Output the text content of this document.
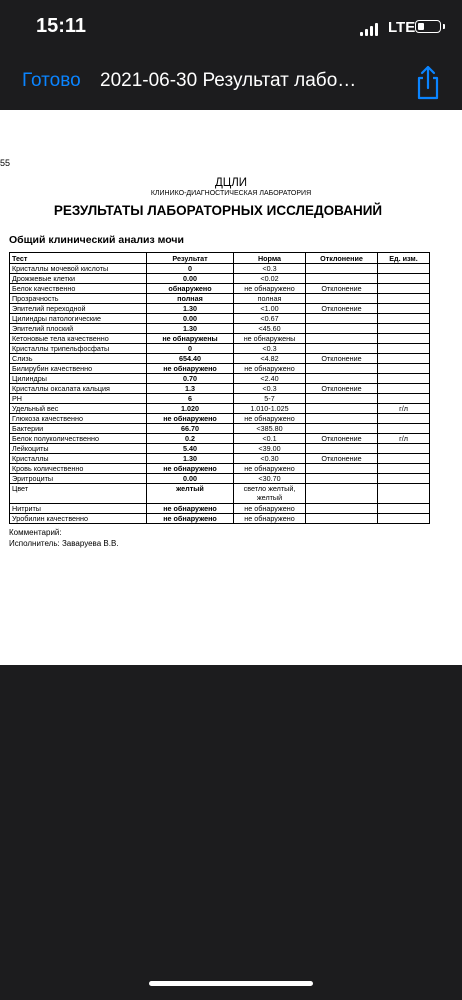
15:11	LTE
Готово 2021-06-30 Результат лабо…
55
ДЦЛИ
КЛИНИКО-ДИАГНОСТИЧЕСКАЯ ЛАБОРАТОРИЯ
РЕЗУЛЬТАТЫ ЛАБОРАТОРНЫХ ИССЛЕДОВАНИЙ
Общий клинический анализ мочи
Тест	Результат	Норма	Отклонение	Ед. изм.
Кристаллы мочевой кислоты	0	<0.3		
Дрожжевые клетки	0.00	<0.02		
Белок качественно	обнаружено	не обнаружено	Отклонение	
Прозрачность	полная	полная		
Эпителий переходной	1.30	<1.00	Отклонение	
Цилиндры патологические	0.00	<0.67		
Эпителий плоский	1.30	<45.60		
Кетоновые тела качественно	не обнаружены	не обнаружены		
Кристаллы трипельфосфаты	0	<0.3		
Слизь	654.40	<4.82	Отклонение	
Билирубин качественно	не обнаружено	не обнаружено		
Цилиндры	0.70	<2.40		
Кристаллы оксалата кальция	1.3	<0.3	Отклонение	
PH	6	5-7		
Удельный вес	1.020	1.010-1.025		г/л
Глюкоза качественно	не обнаружено	не обнаружено		
Бактерии	66.70	<385.80		
Белок полуколичественно	0.2	<0.1	Отклонение	г/л
Лейкоциты	5.40	<39.00		
Кристаллы	1.30	<0.30	Отклонение	
Кровь количественно	не обнаружено	не обнаружено		
Эритроциты	0.00	<30.70		
Цвет	желтый	светло желтый, желтый		
Нитриты	не обнаружено	не обнаружено		
Уробилин качественно	не обнаружено	не обнаружено		
Комментарий:
Исполнитель: Заваруева В.В.
